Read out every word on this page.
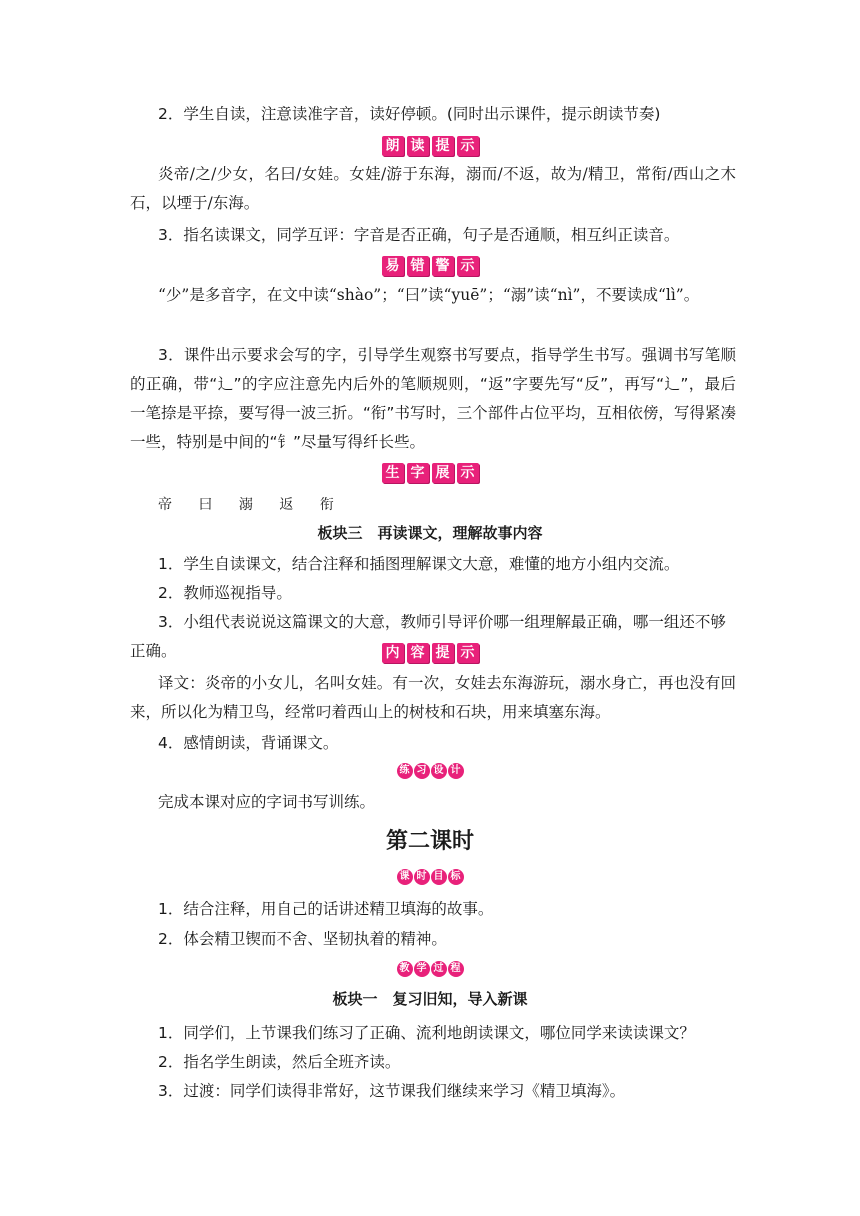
2．学生自读，注意读准字音，读好停顿。(同时出示课件，提示朗读节奏)
朗 读 提 示
炎帝/之/少女，名曰/女娃。女娃/游于东海，溺而/不返，故为/精卫，常衔/西山之木石，以堙于/东海。
3．指名读课文，同学互评：字音是否正确，句子是否通顺，相互纠正读音。
易 错 警 示
“少”是多音字，在文中读“shào”；“曰”读“yuē”；“溺”读“nì”，不要读成“lì”。
3．课件出示要求会写的字，引导学生观察书写要点，指导学生书写。强调书写笔顺的正确，带“辶”的字应注意先内后外的笔顺规则，“返”字要先写“反”，再写“辶”，最后一笔捺是平捺，要写得一波三折。“衔”书写时，三个部件占位平均，互相依傍，写得紧凑一些，特别是中间的“钅”尽量写得纤长些。
生 字 展 示
帝 曰 溺 返 衔
板块三　再读课文，理解故事内容
1．学生自读课文，结合注释和插图理解课文大意，难懂的地方小组内交流。
2．教师巡视指导。
3．小组代表说说这篇课文的大意，教师引导评价哪一组理解最正确，哪一组还不够正确。	内 容 提 示
译文：炎帝的小女儿，名叫女娃。有一次，女娃去东海游玩，溺水身亡，再也没有回来，所以化为精卫鸟，经常叼着西山上的树枝和石块，用来填塞东海。
4．感情朗读，背诵课文。
练 习 设 计
完成本课对应的字词书写训练。
第二课时
课 时 目 标
1．结合注释，用自己的话讲述精卫填海的故事。
2．体会精卫锲而不舍、坚韧执着的精神。
教 学 过 程
板块一　复习旧知，导入新课
1．同学们，上节课我们练习了正确、流利地朗读课文，哪位同学来读读课文？
2．指名学生朗读，然后全班齐读。
3．过渡：同学们读得非常好，这节课我们继续来学习《精卫填海》。
